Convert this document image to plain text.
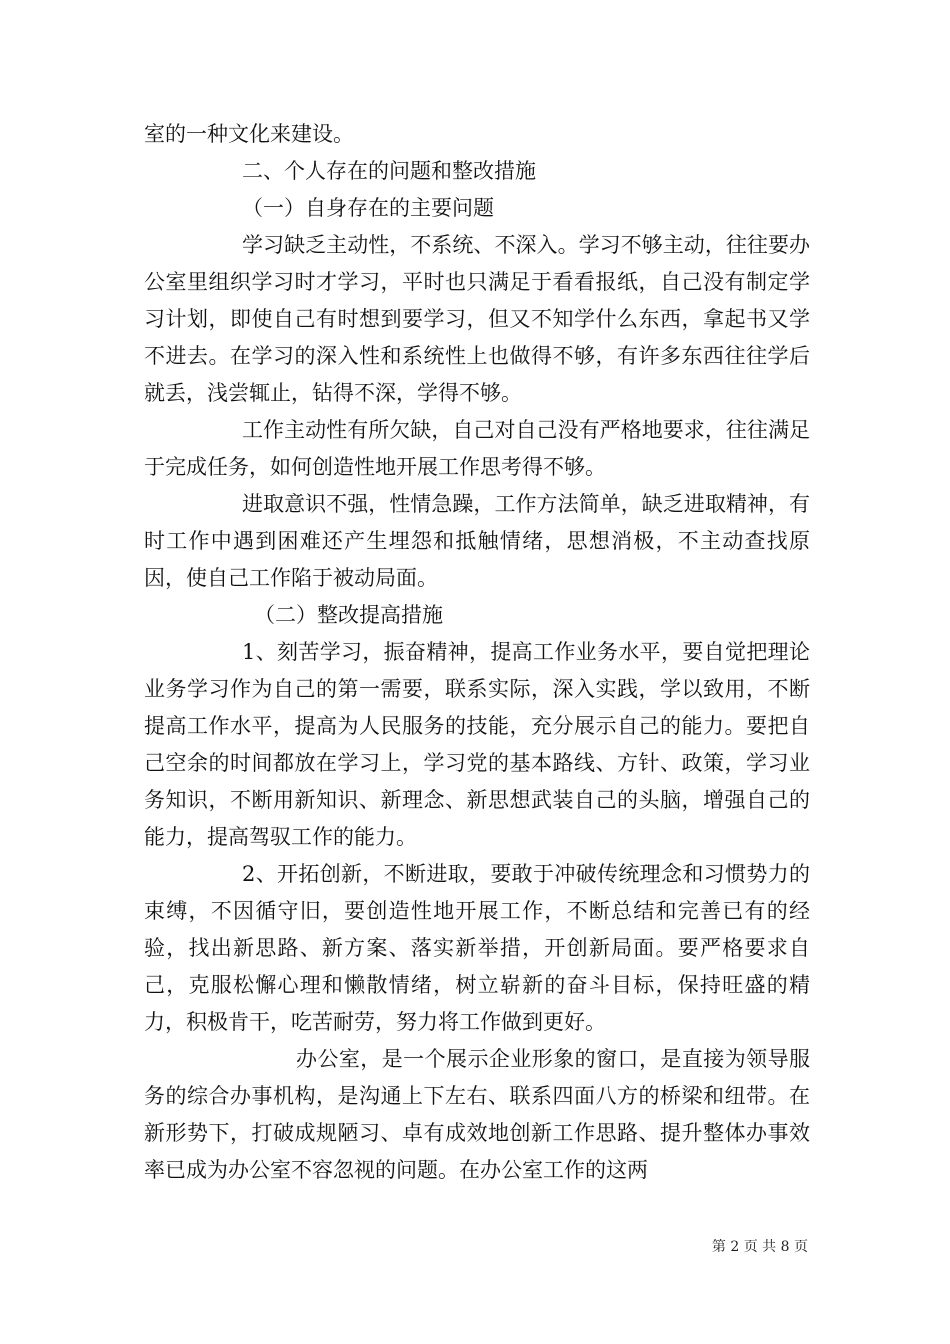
室的一种文化来建设。

二、个人存在的问题和整改措施

（一）自身存在的主要问题

学习缺乏主动性，不系统、不深入。学习不够主动，往往要办公室里组织学习时才学习，平时也只满足于看看报纸，自己没有制定学习计划，即使自己有时想到要学习，但又不知学什么东西，拿起书又学不进去。在学习的深入性和系统性上也做得不够，有许多东西往往学后就丢，浅尝辄止，钻得不深，学得不够。

工作主动性有所欠缺，自己对自己没有严格地要求，往往满足于完成任务，如何创造性地开展工作思考得不够。

进取意识不强，性情急躁，工作方法简单，缺乏进取精神，有时工作中遇到困难还产生埋怨和抵触情绪，思想消极，不主动查找原因，使自己工作陷于被动局面。

（二）整改提高措施

1、刻苦学习，振奋精神，提高工作业务水平，要自觉把理论业务学习作为自己的第一需要，联系实际，深入实践，学以致用，不断提高工作水平，提高为人民服务的技能，充分展示自己的能力。要把自己空余的时间都放在学习上，学习党的基本路线、方针、政策，学习业务知识，不断用新知识、新理念、新思想武装自己的头脑，增强自己的能力，提高驾驭工作的能力。

2、开拓创新，不断进取，要敢于冲破传统理念和习惯势力的束缚，不因循守旧，要创造性地开展工作，不断总结和完善已有的经验，找出新思路、新方案、落实新举措，开创新局面。要严格要求自己，克服松懈心理和懒散情绪，树立崭新的奋斗目标，保持旺盛的精力，积极肯干，吃苦耐劳，努力将工作做到更好。

办公室，是一个展示企业形象的窗口，是直接为领导服务的综合办事机构，是沟通上下左右、联系四面八方的桥梁和纽带。在新形势下，打破成规陋习、卓有成效地创新工作思路、提升整体办事效率已成为办公室不容忽视的问题。在办公室工作的这两

第 2 页 共 8 页
